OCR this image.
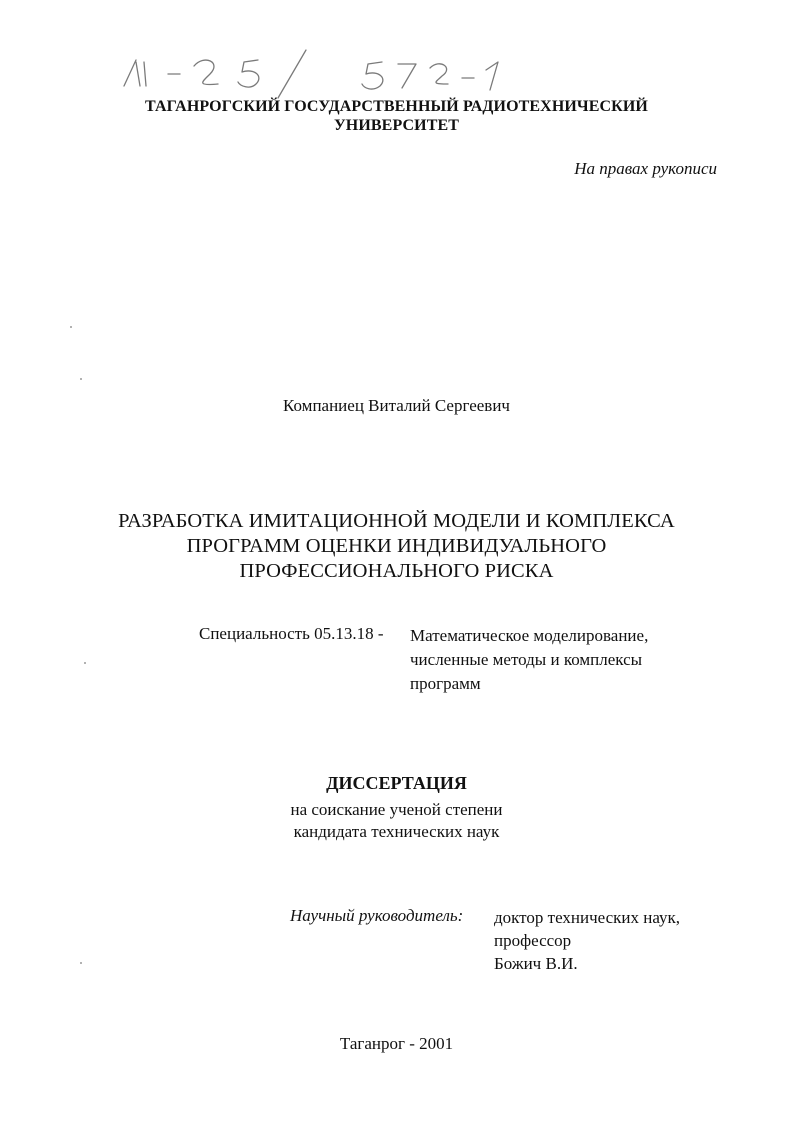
ТАГАНРОГСКИЙ ГОСУДАРСТВЕННЫЙ РАДИОТЕХНИЧЕСКИЙ
УНИВЕРСИТЕТ
На правах рукописи
Компаниец Виталий Сергеевич
РАЗРАБОТКА ИМИТАЦИОННОЙ МОДЕЛИ И КОМПЛЕКСА
ПРОГРАММ ОЦЕНКИ ИНДИВИДУАЛЬНОГО
ПРОФЕССИОНАЛЬНОГО РИСКА
Специальность 05.13.18 - Математическое моделирование,
численные методы и комплексы
программ
ДИССЕРТАЦИЯ
на соискание ученой степени
кандидата технических наук
Научный руководитель: доктор технических наук,
профессор
Божич В.И.
Таганрог - 2001
